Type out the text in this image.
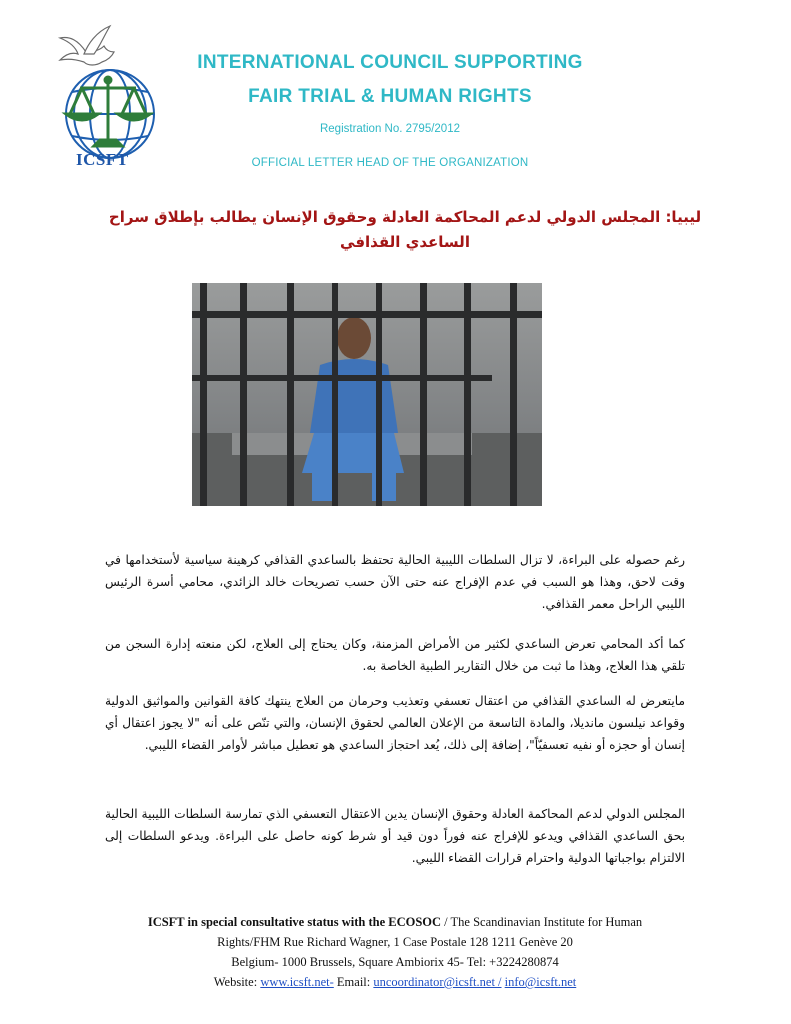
ICSFT
INTERNATIONAL COUNCIL SUPPORTING
FAIR TRIAL & HUMAN RIGHTS
Registration No. 2795/2012
OFFICIAL LETTER HEAD OF THE ORGANIZATION
ليبيا: المجلس الدولي لدعم المحاكمة العادلة وحقوق الإنسان يطالب بإطلاق سراح الساعدي القذافي
رغم حصوله على البراءة، لا تزال السلطات الليبية الحالية تحتفظ بالساعدي القذافي كرهينة سياسية لأستخدامها في وقت لاحق، وهذا هو السبب في عدم الإفراج عنه حتى الآن حسب تصريحات خالد الزائدي، محامي أسرة الرئيس الليبي الراحل معمر القذافي.
كما أكد المحامي تعرض الساعدي لكثير من الأمراض المزمنة، وكان يحتاج إلى العلاج، لكن منعته إدارة السجن من تلقي هذا العلاج، وهذا ما ثبت من خلال التقارير الطبية الخاصة به.
مايتعرض له الساعدي القذافي من اعتقال تعسفي وتعذيب وحرمان من العلاج ينتهك كافة القوانين والمواثيق الدولية وقواعد نيلسون مانديلا، والمادة التاسعة من الإعلان العالمي لحقوق الإنسان، والتي تنّص على أنه "لا يجوز اعتقال أي إنسان أو حجزه أو نفيه تعسفيّاً"، إضافة إلى ذلك، يُعد احتجاز الساعدي هو تعطيل مباشر لأوامر القضاء الليبي.
المجلس الدولي لدعم المحاكمة العادلة وحقوق الإنسان يدين الاعتقال التعسفي الذي تمارسة السلطات الليبية الحالية بحق الساعدي القذافي ويدعو للإفراج عنه فوراً دون قيد أو شرط كونه حاصل على البراءة. ويدعو السلطات إلى الالتزام بواجباتها الدولية واحترام قرارات القضاء الليبي.
ICSFT in special consultative status with the ECOSOC / The Scandinavian Institute for Human
Rights/FHM Rue Richard Wagner, 1 Case Postale 128 1211 Genève 20
Belgium- 1000 Brussels, Square Ambiorix 45- Tel: +3224280874
Website: www.icsft.net- Email: uncoordinator@icsft.net / info@icsft.net
